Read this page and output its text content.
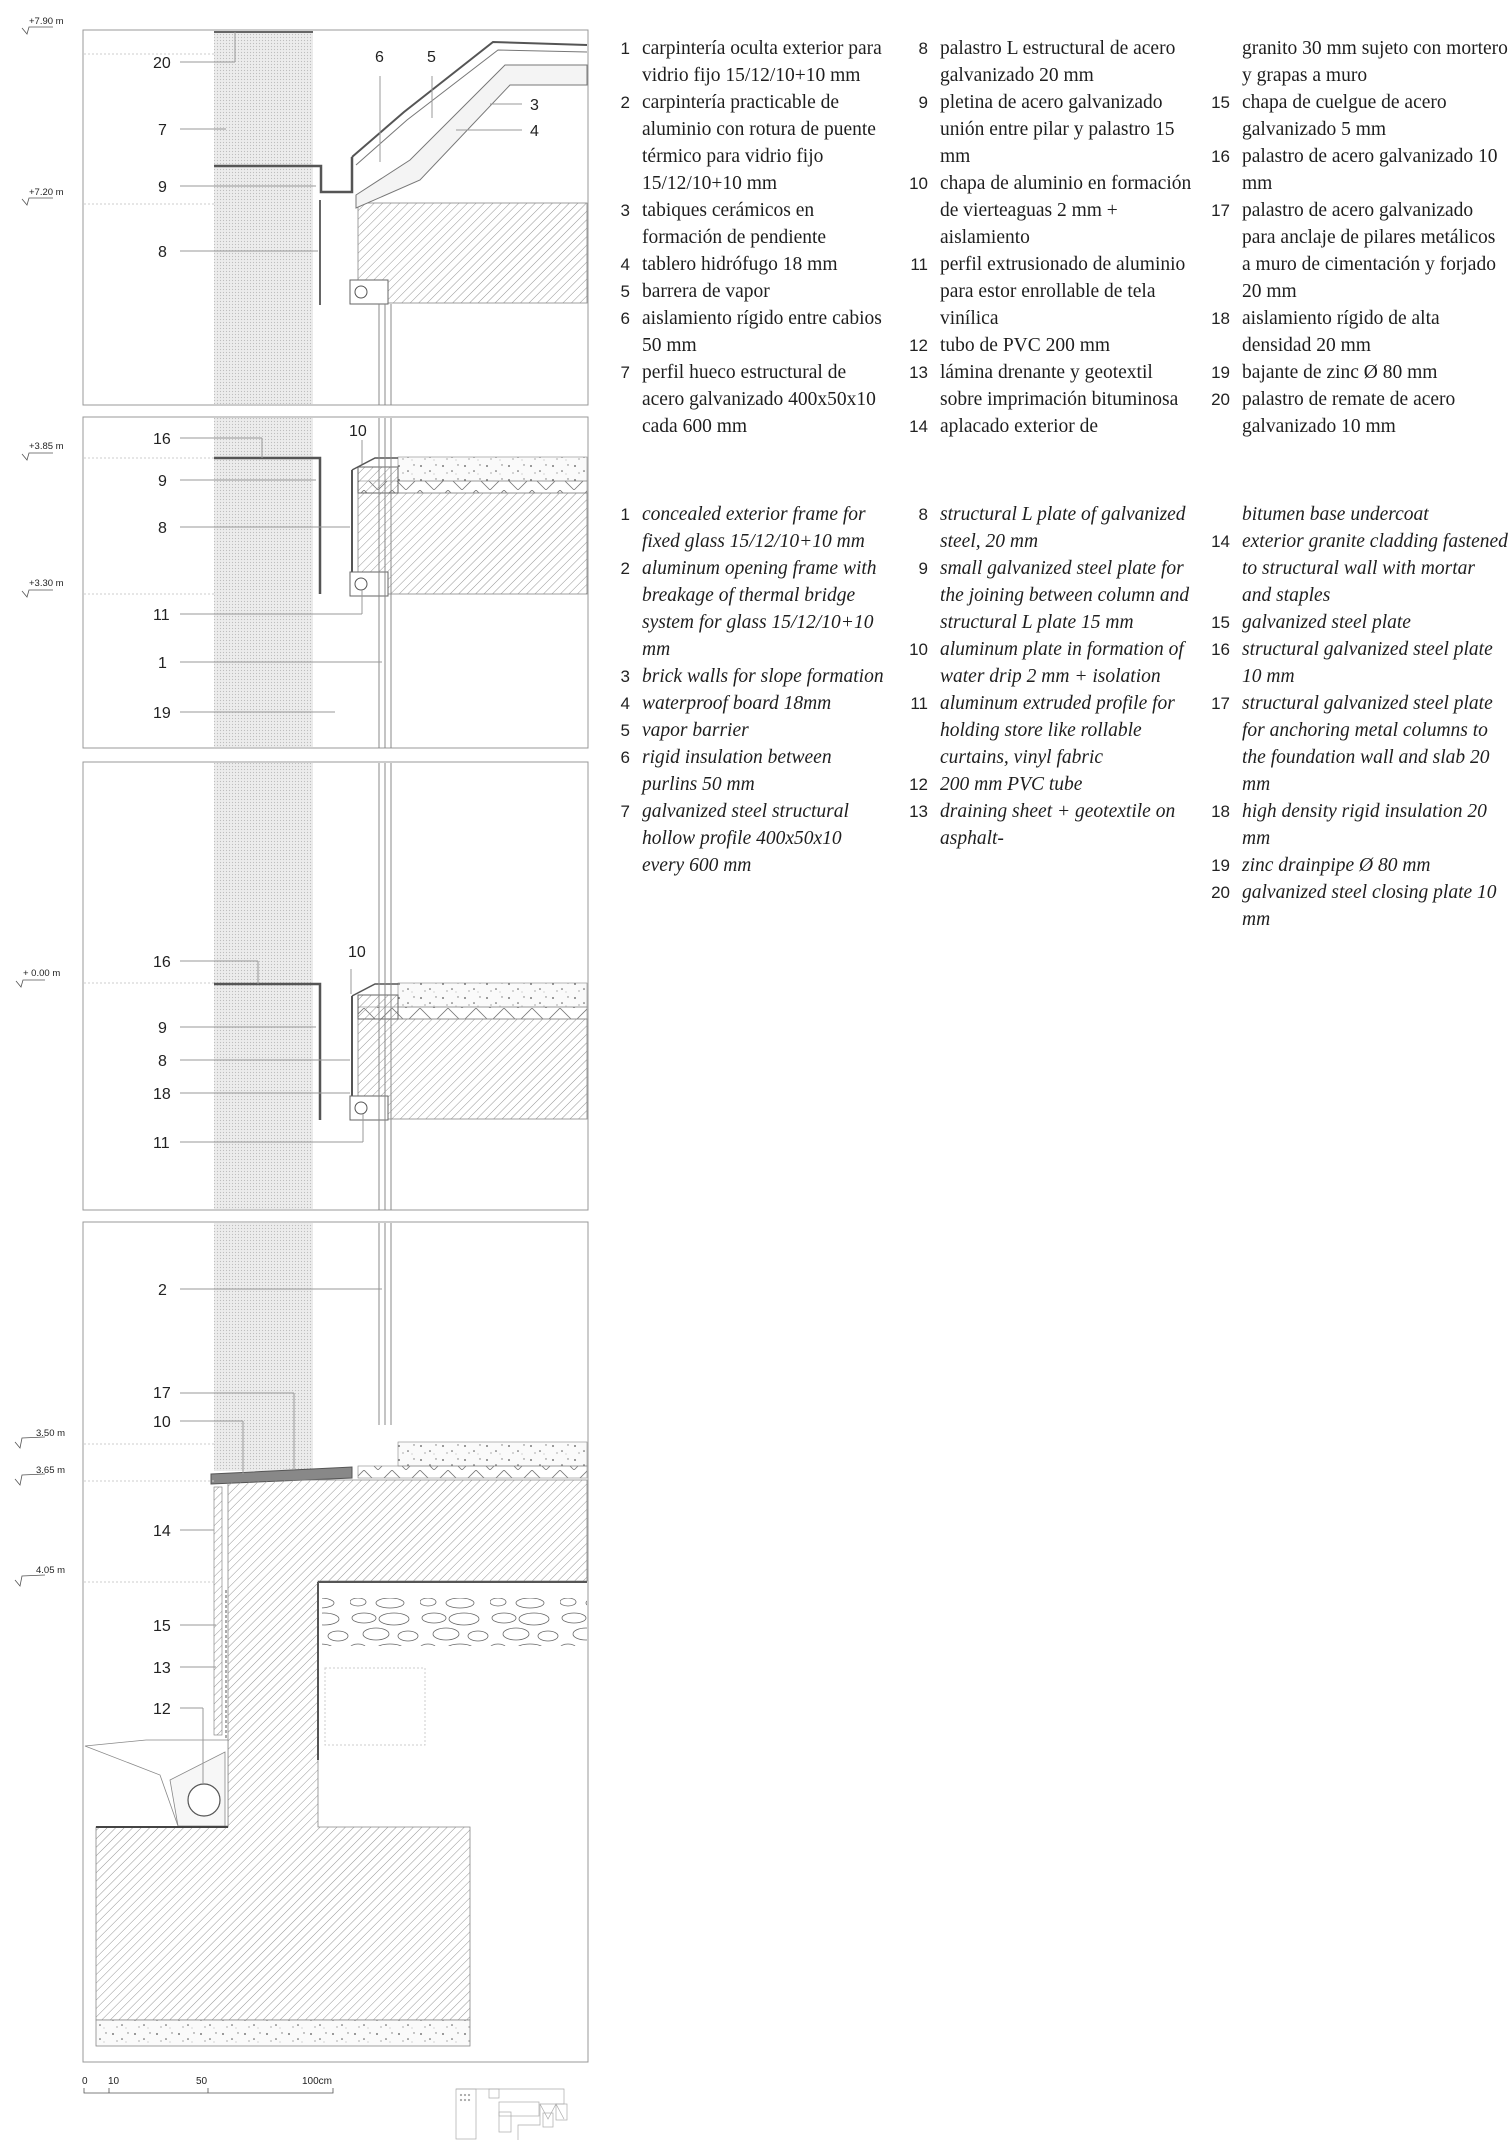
20
7
9
8
6	5
3
4
16
9
8
11
1
19
10
16
9
8
18
11
10
2
17
10
14
15
13
12
+7.90 m
+7.20 m
+3.85 m
+3.30 m
+ 0.00 m
3.50 m
3.65 m
4.05 m
0 10	50	100cm
1 carpintería oculta exterior para vidrio fijo 15/12/10+10 mm
2 carpintería practicable de aluminio con rotura de puente térmico para vidrio fijo 15/12/10+10 mm
3 tabiques cerámicos en formación de pendiente
4 tablero hidrófugo 18 mm
5 barrera de vapor
6 aislamiento rígido entre cabios 50 mm
7 perfil hueco estructural de acero galvanizado 400x50x10 cada 600 mm
8 palastro L estructural de acero galvanizado 20 mm
9 pletina de acero galvanizado unión entre pilar y palastro 15 mm
10 chapa de aluminio en formación de vierteaguas 2 mm + aislamiento
11 perfil extrusionado de aluminio para estor enrollable de tela vinílica
12 tubo de PVC 200 mm
13 lámina drenante y geotextil sobre imprimación bituminosa
14 aplacado exterior de
granito 30 mm sujeto con mortero y grapas a muro
15 chapa de cuelgue de acero galvanizado 5 mm
16 palastro de acero galvanizado 10 mm
17 palastro de acero galvanizado para anclaje de pilares metálicos a muro de cimentación y forjado 20 mm
18 aislamiento rígido de alta densidad 20 mm
19 bajante de zinc Ø 80 mm
20 palastro de remate de acero galvanizado 10 mm
1 concealed exterior frame for fixed glass 15/12/10+10 mm
2 aluminum opening frame with breakage of thermal bridge system for glass 15/12/10+10 mm
3 brick walls for slope formation
4 waterproof board 18mm
5 vapor barrier
6 rigid insulation between purlins 50 mm
7 galvanized steel structural hollow profile 400x50x10 every 600 mm
8 structural L plate of galvanized steel, 20 mm
9 small galvanized steel plate for the joining between column and structural L plate 15 mm
10 aluminum plate in formation of water drip 2 mm + isolation
11 aluminum extruded profile for holding store like rollable curtains, vinyl fabric
12 200 mm PVC tube
13 draining sheet + geotextile on asphalt-
bitumen base undercoat
14 exterior granite cladding fastened to structural wall with mortar and staples
15 galvanized steel plate
16 structural galvanized steel plate 10 mm
17 structural galvanized steel plate for anchoring metal columns to the foundation wall and slab 20 mm
18 high density rigid insulation 20 mm
19 zinc drainpipe Ø 80 mm
20 galvanized steel closing plate 10 mm
